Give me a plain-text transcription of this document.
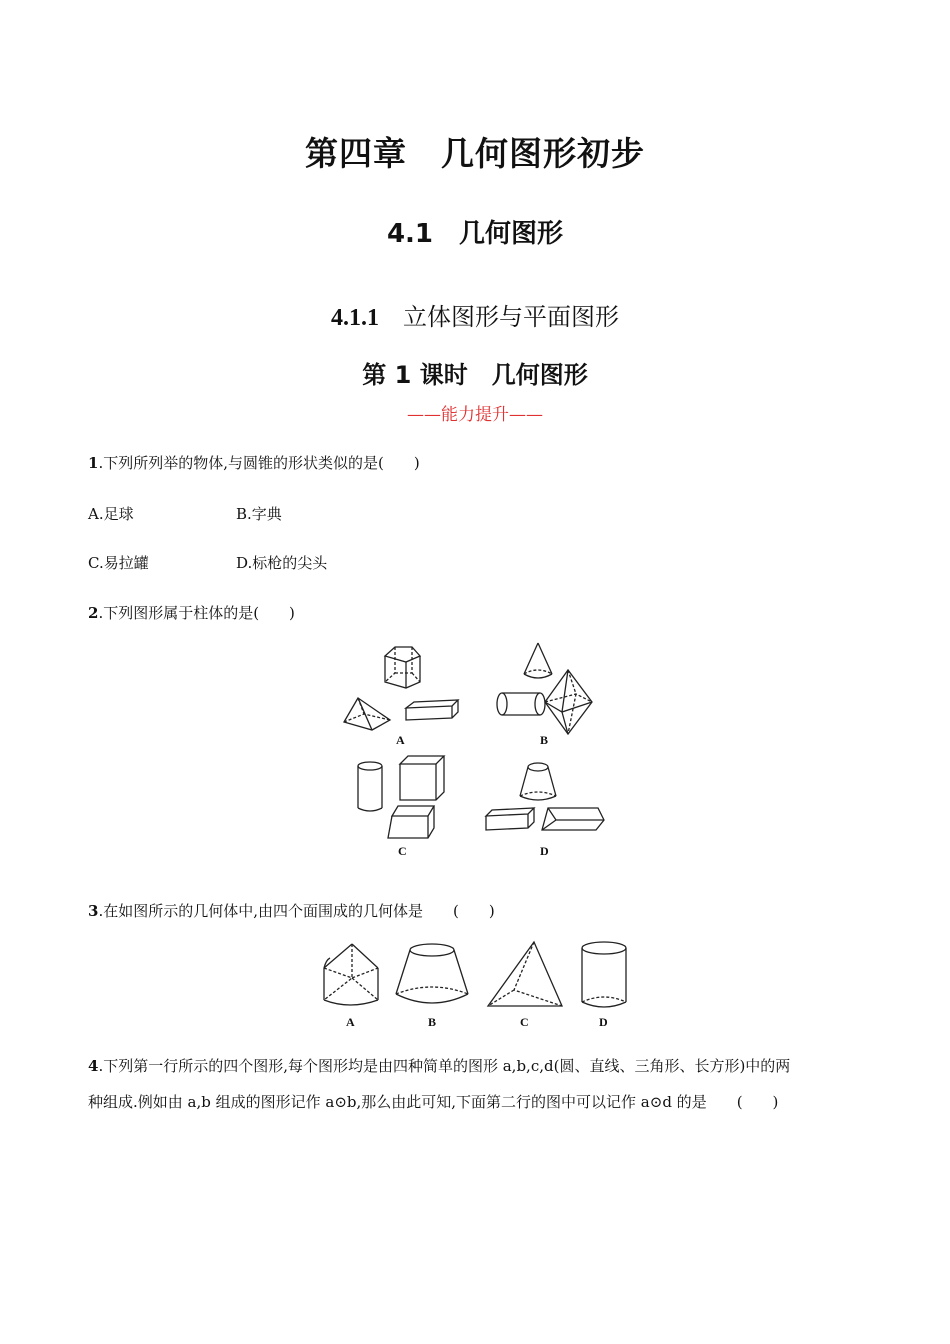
第四章　几何图形初步
4.1　几何图形
4.1.1　 立体图形与平面图形
第 1 课时　几何图形
——能力提升——
1.下列所列举的物体,与圆锥的形状类似的是(　　)
A.足球	B.字典
C.易拉罐	D.标枪的尖头
2.下列图形属于柱体的是(　　)
A	B
C	D
3.在如图所示的几何体中,由四个面围成的几何体是　　(　　)
A	B	C	D
4.下列第一行所示的四个图形,每个图形均是由四种简单的图形 a,b,c,d(圆、直线、三角形、长方形)中的两
种组成.例如由 a,b 组成的图形记作 a⊙b,那么由此可知,下面第二行的图中可以记作 a⊙d 的是　　(　　)
